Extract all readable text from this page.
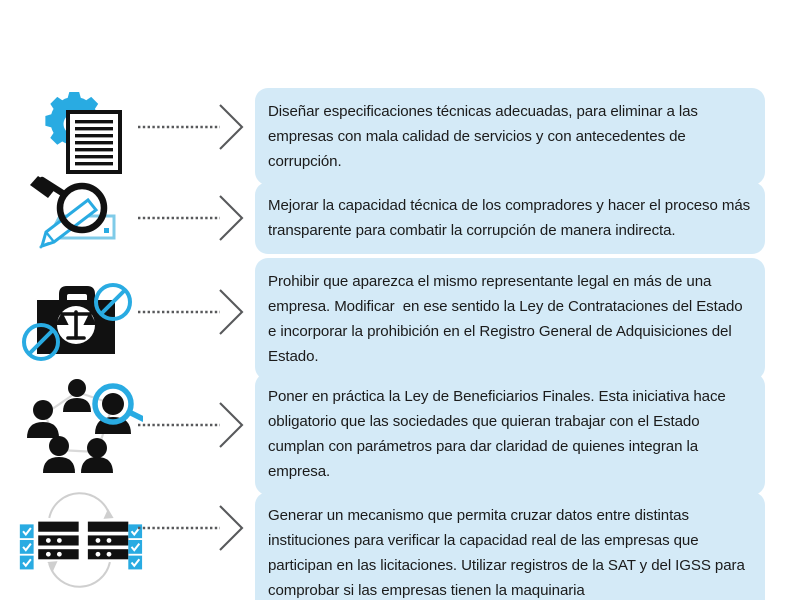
Diseñar especificaciones técnicas adecuadas, para eliminar a las empresas con mala calidad de servicios y con antecedentes de corrupción.
Mejorar la capacidad técnica de los compradores y hacer el proceso más transparente para combatir la corrupción de manera indirecta.
Prohibir que aparezca el mismo representante legal en más de una empresa. Modificar  en ese sentido la Ley de Contrataciones del Estado e incorporar la prohibición en el Registro General de Adquisiciones del Estado.
Poner en práctica la Ley de Beneficiarios Finales. Esta iniciativa hace obligatorio que las sociedades que quieran trabajar con el Estado cumplan con parámetros para dar claridad de quienes integran la empresa.
Generar un mecanismo que permita cruzar datos entre distintas instituciones para verificar la capacidad real de las empresas que participan en las licitaciones. Utilizar registros de la SAT y del IGSS para comprobar si las empresas tienen la maquinaria
